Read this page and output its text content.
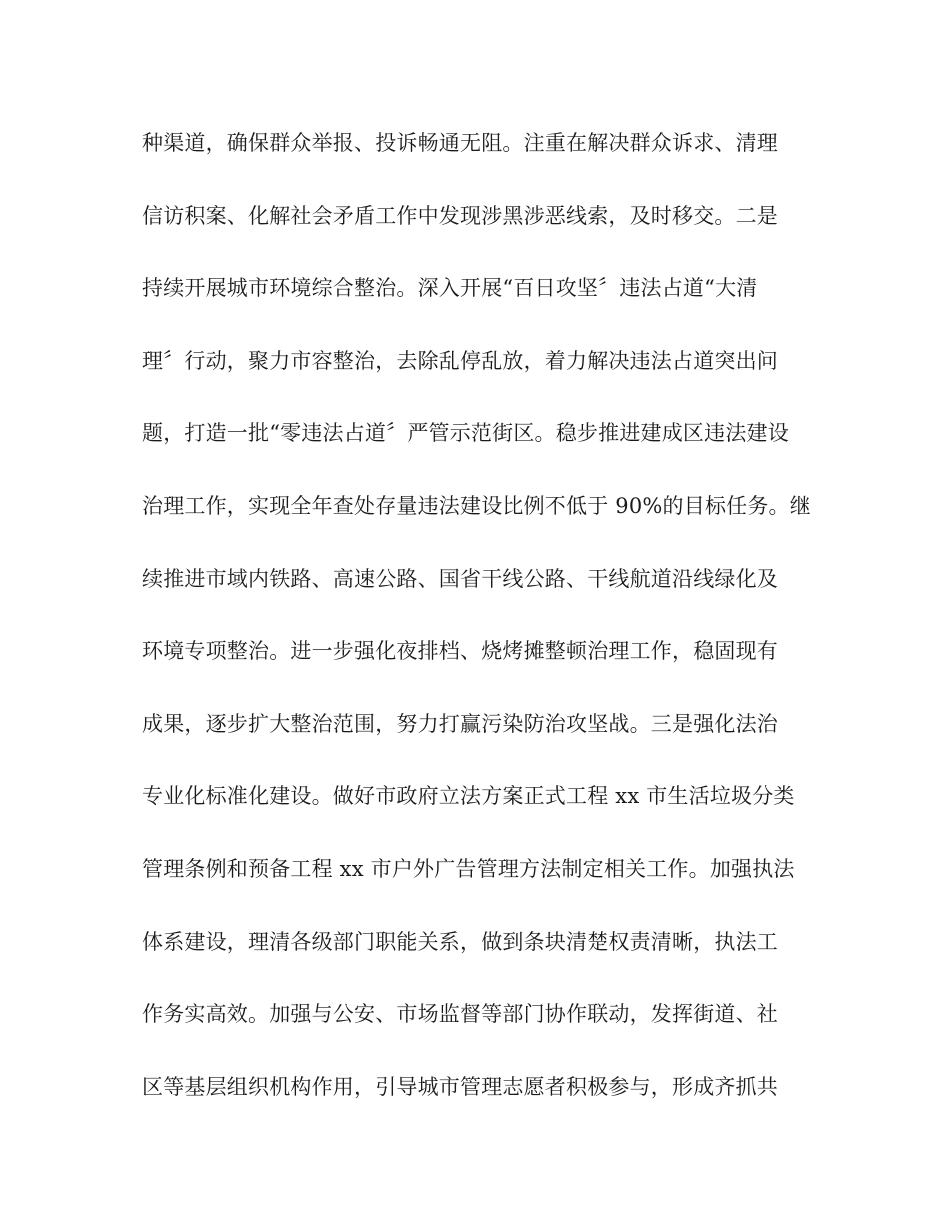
种渠道，确保群众举报、投诉畅通无阻。注重在解决群众诉求、清理
信访积案、化解社会矛盾工作中发现涉黑涉恶线索，及时移交。二是
持续开展城市环境综合整治。深入开展“百日攻坚〞违法占道“大清
理〞行动，聚力市容整治，去除乱停乱放，着力解决违法占道突出问
题，打造一批“零违法占道〞严管示范街区。稳步推进建成区违法建设
治理工作，实现全年查处存量违法建设比例不低于 90%的目标任务。继
续推进市域内铁路、高速公路、国省干线公路、干线航道沿线绿化及
环境专项整治。进一步强化夜排档、烧烤摊整顿治理工作，稳固现有
成果，逐步扩大整治范围，努力打赢污染防治攻坚战。三是强化法治
专业化标准化建设。做好市政府立法方案正式工程 xx 市生活垃圾分类
管理条例和预备工程 xx 市户外广告管理方法制定相关工作。加强执法
体系建设，理清各级部门职能关系，做到条块清楚权责清晰，执法工
作务实高效。加强与公安、市场监督等部门协作联动，发挥街道、社
区等基层组织机构作用，引导城市管理志愿者积极参与，形成齐抓共
